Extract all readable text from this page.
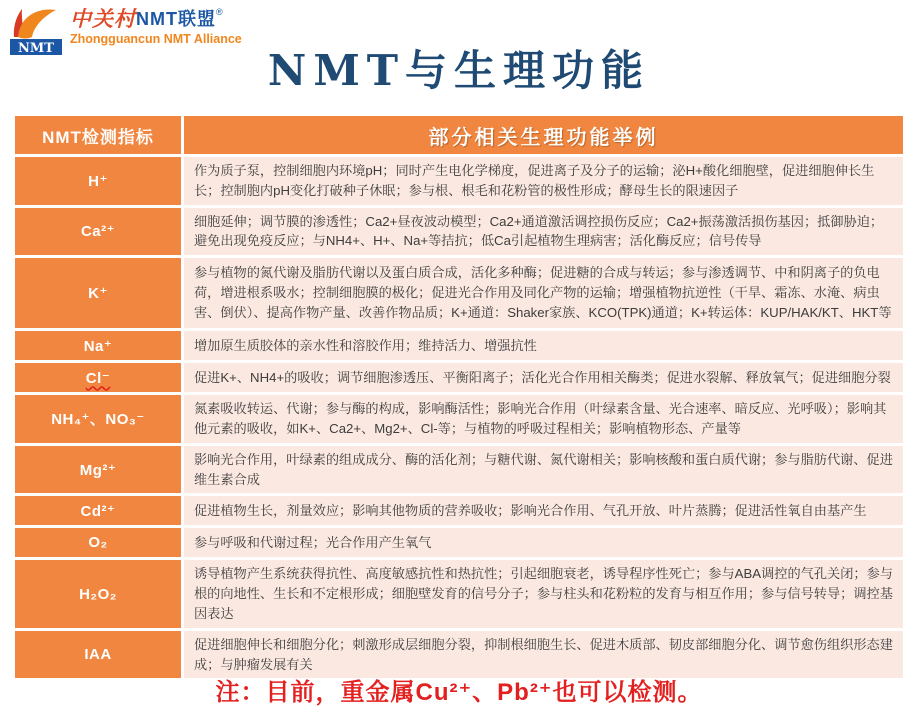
NMT
中关村 NMT联盟 ®
Zhongguancun NMT Alliance
NMT与生理功能
NMT检测指标	部分相关生理功能举例
H⁺	作为质子泵，控制细胞内环境pH；同时产生电化学梯度，促进离子及分子的运输；泌H+酸化细胞壁，促进细胞伸长生长；控制胞内pH变化打破种子休眠；参与根、根毛和花粉管的极性形成；酵母生长的限速因子
Ca²⁺	细胞延伸；调节膜的渗透性；Ca2+昼夜波动模型；Ca2+通道激活调控损伤反应；Ca2+振荡激活损伤基因；抵御胁迫；避免出现免疫反应；与NH4+、H+、Na+等拮抗；低Ca引起植物生理病害；活化酶反应；信号传导
K⁺	参与植物的氮代谢及脂肪代谢以及蛋白质合成，活化多种酶；促进糖的合成与转运；参与渗透调节、中和阴离子的负电荷，增进根系吸水；控制细胞膜的极化；促进光合作用及同化产物的运输；增强植物抗逆性（干旱、霜冻、水淹、病虫害、倒伏）、提高作物产量、改善作物品质；K+通道：Shaker家族、KCO(TPK)通道；K+转运体：KUP/HAK/KT、HKT等
Na⁺	增加原生质胶体的亲水性和溶胶作用；维持活力、增强抗性
Cl⁻	促进K+、NH4+的吸收；调节细胞渗透压、平衡阳离子；活化光合作用相关酶类；促进水裂解、释放氧气；促进细胞分裂
NH₄⁺、NO₃⁻	氮素吸收转运、代谢；参与酶的构成，影响酶活性；影响光合作用（叶绿素含量、光合速率、暗反应、光呼吸）；影响其他元素的吸收，如K+、Ca2+、Mg2+、Cl-等；与植物的呼吸过程相关；影响植物形态、产量等
Mg²⁺	影响光合作用，叶绿素的组成成分、酶的活化剂；与糖代谢、氮代谢相关；影响核酸和蛋白质代谢；参与脂肪代谢、促进维生素合成
Cd²⁺	促进植物生长，剂量效应；影响其他物质的营养吸收；影响光合作用、气孔开放、叶片蒸腾；促进活性氧自由基产生
O₂	参与呼吸和代谢过程；光合作用产生氧气
H₂O₂	诱导植物产生系统获得抗性、高度敏感抗性和热抗性；引起细胞衰老，诱导程序性死亡；参与ABA调控的气孔关闭；参与根的向地性、生长和不定根形成；细胞壁发育的信号分子；参与柱头和花粉粒的发育与相互作用；参与信号转导；调控基因表达
IAA	促进细胞伸长和细胞分化；刺激形成层细胞分裂，抑制根细胞生长、促进木质部、韧皮部细胞分化、调节愈伤组织形态建成；与肿瘤发展有关
注：目前，重金属Cu²⁺、Pb²⁺也可以检测。
